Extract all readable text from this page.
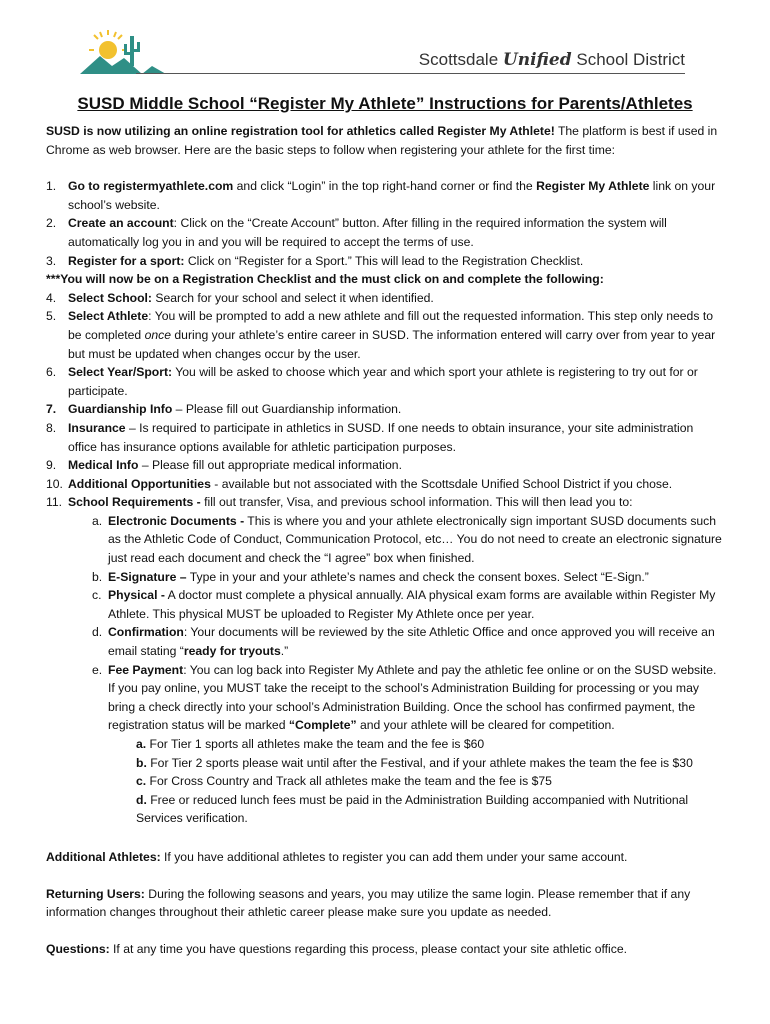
Scottsdale Unified School District
SUSD Middle School “Register My Athlete” Instructions for Parents/Athletes

SUSD is now utilizing an online registration tool for athletics called Register My Athlete! The platform is best if used in Chrome as web browser. Here are the basic steps to follow when registering your athlete for the first time:

1. Go to registermyathlete.com and click “Login” in the top right-hand corner or find the Register My Athlete link on your school’s website.

2. Create an account: Click on the “Create Account” button. After filling in the required information the system will automatically log you in and you will be required to accept the terms of use.

3. Register for a sport: Click on “Register for a Sport.” This will lead to the Registration Checklist.

***You will now be on a Registration Checklist and the must click on and complete the following:

4. Select School: Search for your school and select it when identified.

5. Select Athlete: You will be prompted to add a new athlete and fill out the requested information. This step only needs to be completed once during your athlete’s entire career in SUSD. The information entered will carry over from year to year but must be updated when changes occur by the user.

6. Select Year/Sport: You will be asked to choose which year and which sport your athlete is registering to try out for or participate.

7. Guardianship Info – Please fill out Guardianship information.

8. Insurance – Is required to participate in athletics in SUSD. If one needs to obtain insurance, your site administration office has insurance options available for athletic participation purposes.

9. Medical Info – Please fill out appropriate medical information.

10. Additional Opportunities - available but not associated with the Scottsdale Unified School District if you chose.

11. School Requirements - fill out transfer, Visa, and previous school information. This will then lead you to:

a. Electronic Documents - This is where you and your athlete electronically sign important SUSD documents such as the Athletic Code of Conduct, Communication Protocol, etc… You do not need to create an electronic signature just read each document and check the “I agree” box when finished.

b. E-Signature – Type in your and your athlete’s names and check the consent boxes. Select “E-Sign.”

c. Physical - A doctor must complete a physical annually. AIA physical exam forms are available within Register My Athlete. This physical MUST be uploaded to Register My Athlete once per year.

d. Confirmation: Your documents will be reviewed by the site Athletic Office and once approved you will receive an email stating “ready for tryouts.”

e. Fee Payment: You can log back into Register My Athlete and pay the athletic fee online or on the SUSD website. If you pay online, you MUST take the receipt to the school’s Administration Building for processing or you may bring a check directly into your school’s Administration Building. Once the school has confirmed payment, the registration status will be marked “Complete” and your athlete will be cleared for competition.

a. For Tier 1 sports all athletes make the team and the fee is $60

b. For Tier 2 sports please wait until after the Festival, and if your athlete makes the team the fee is $30

c. For Cross Country and Track all athletes make the team and the fee is $75

d. Free or reduced lunch fees must be paid in the Administration Building accompanied with Nutritional Services verification.

Additional Athletes: If you have additional athletes to register you can add them under your same account.

Returning Users: During the following seasons and years, you may utilize the same login. Please remember that if any information changes throughout their athletic career please make sure you update as needed.

Questions: If at any time you have questions regarding this process, please contact your site athletic office.
